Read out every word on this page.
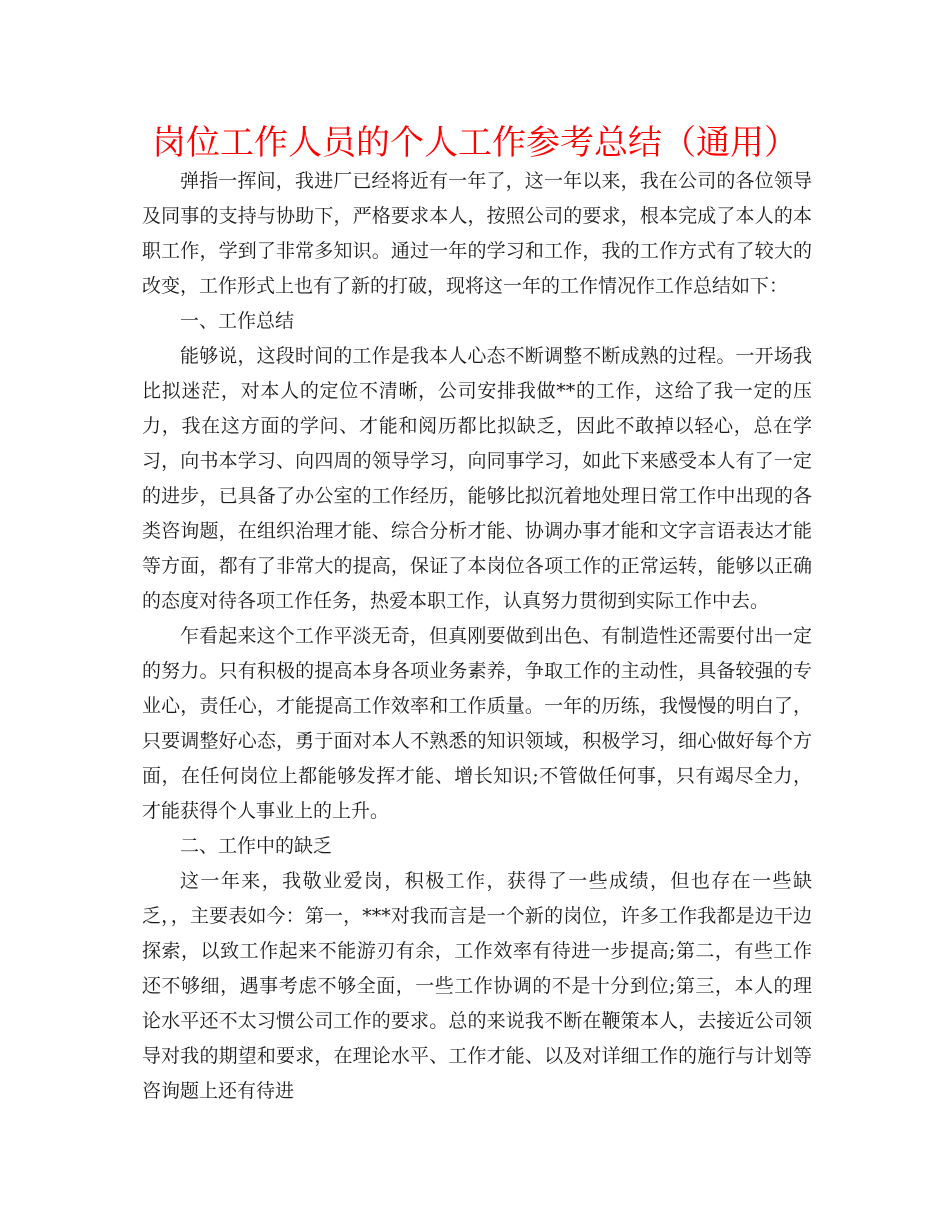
岗位工作人员的个人工作参考总结（通用）

弹指一挥间，我进厂已经将近有一年了，这一年以来，我在公司的各位领导及同事的支持与协助下，严格要求本人，按照公司的要求，根本完成了本人的本职工作，学到了非常多知识。通过一年的学习和工作，我的工作方式有了较大的改变，工作形式上也有了新的打破，现将这一年的工作情况作工作总结如下：

一、工作总结

能够说，这段时间的工作是我本人心态不断调整不断成熟的过程。一开场我比拟迷茫，对本人的定位不清晰，公司安排我做**的工作，这给了我一定的压力，我在这方面的学问、才能和阅历都比拟缺乏，因此不敢掉以轻心，总在学习，向书本学习、向四周的领导学习，向同事学习，如此下来感受本人有了一定的进步，已具备了办公室的工作经历，能够比拟沉着地处理日常工作中出现的各类咨询题，在组织治理才能、综合分析才能、协调办事才能和文字言语表达才能等方面，都有了非常大的提高，保证了本岗位各项工作的正常运转，能够以正确的态度对待各项工作任务，热爱本职工作，认真努力贯彻到实际工作中去。

乍看起来这个工作平淡无奇，但真刚要做到出色、有制造性还需要付出一定的努力。只有积极的提高本身各项业务素养，争取工作的主动性，具备较强的专业心，责任心，才能提高工作效率和工作质量。一年的历练，我慢慢的明白了，只要调整好心态，勇于面对本人不熟悉的知识领域，积极学习，细心做好每个方面，在任何岗位上都能够发挥才能、增长知识;不管做任何事，只有竭尽全力，才能获得个人事业上的上升。

二、工作中的缺乏

这一年来，我敬业爱岗，积极工作，获得了一些成绩，但也存在一些缺乏，，主要表如今：第一，***对我而言是一个新的岗位，许多工作我都是边干边探索，以致工作起来不能游刃有余，工作效率有待进一步提高;第二，有些工作还不够细，遇事考虑不够全面，一些工作协调的不是十分到位;第三，本人的理论水平还不太习惯公司工作的要求。总的来说我不断在鞭策本人，去接近公司领导对我的期望和要求，在理论水平、工作才能、以及对详细工作的施行与计划等咨询题上还有待进
